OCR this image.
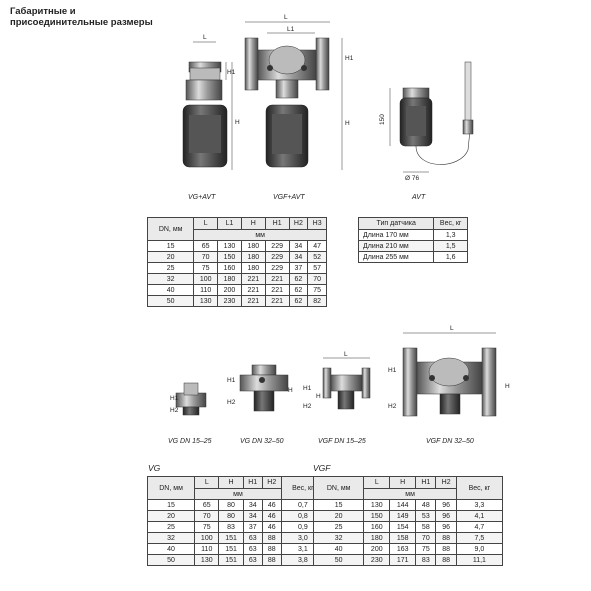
Габаритные и присоединительные размеры
L
H
H1
VG+AVT
L
L1
H1
H
VGF+AVT
150
Ø 76
AVT
H1
H2
VG DN 15–25
H1
H2
H
VG DN 32–50
L
H1
H2
H
VGF DN 15–25
L
H1
H2
H
VGF DN 32–50
DN, мм	L	L1	H	H1	H2	H3
	мм					
15	65	130	180	229	34	47
20	70	150	180	229	34	52
25	75	160	180	229	37	57
32	100	180	221	221	62	70
40	110	200	221	221	62	75
50	130	230	221	221	62	82
Тип датчика	Вес, кг
Длина 170 мм	1,3
Длина 210 мм	1,5
Длина 255 мм	1,6
VG	VGF
DN, мм	L	H	H1	H2	Вес, кг
	мм				
15	65	80	34	46	0,7
20	70	80	34	46	0,8
25	75	83	37	46	0,9
32	100	151	63	88	3,0
40	110	151	63	88	3,1
50	130	151	63	88	3,8
DN, мм	L	H	H1	H2	Вес, кг
	мм				
15	130	144	48	96	3,3
20	150	149	53	96	4,1
25	160	154	58	96	4,7
32	180	158	70	88	7,5
40	200	163	75	88	9,0
50	230	171	83	88	11,1
